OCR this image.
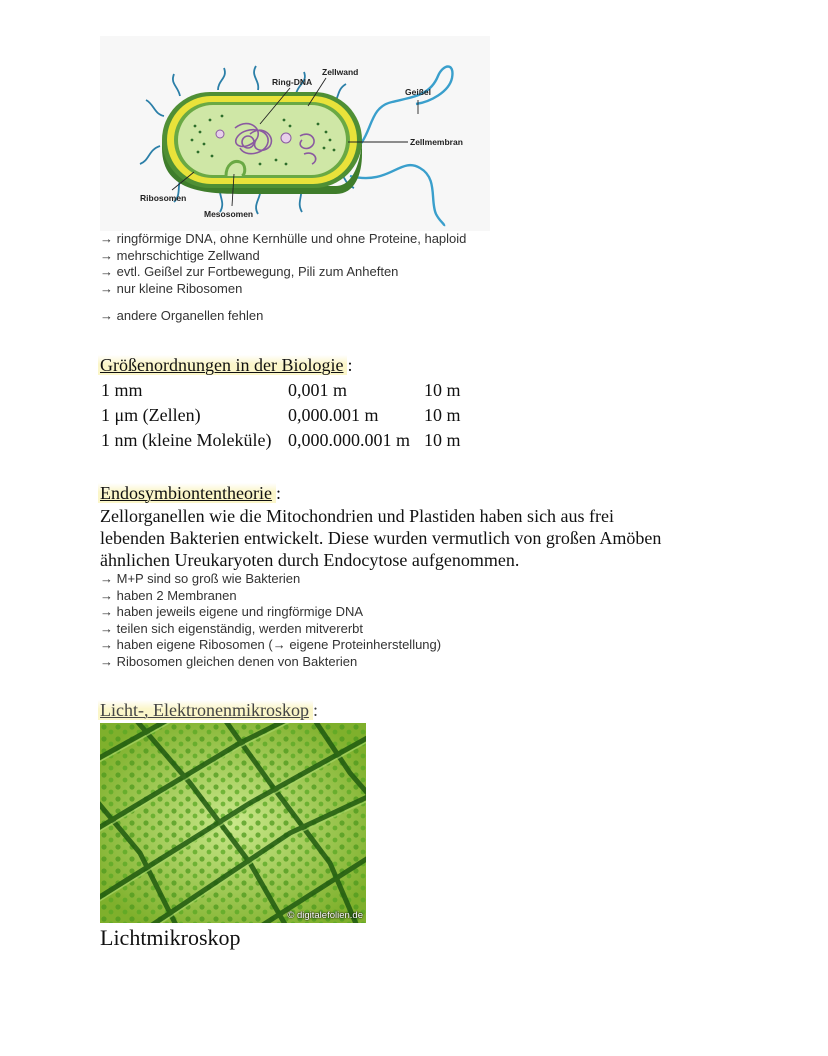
Ring-DNA
Zellwand
Geißel
Zellmembran
Ribosomen
Mesosomen
→ ringförmige DNA, ohne Kernhülle und ohne Proteine, haploid
→ mehrschichtige Zellwand
→ evtl. Geißel zur Fortbewegung, Pili zum Anheften
→ nur kleine Ribosomen
→ andere Organellen fehlen
Größenordnungen in der Biologie :
1 mm	0,001 m	10 m
1 μm (Zellen)	0,000.001 m	10 m
1 nm (kleine Moleküle)	0,000.000.001 m	10 m
Endosymbiontentheorie :
Zellorganellen wie die Mitochondrien und Plastiden haben sich aus frei
lebenden Bakterien entwickelt. Diese wurden vermutlich von großen Amöben
ähnlichen Ureukaryoten durch Endocytose aufgenommen.
→ M+P sind so groß wie Bakterien
→ haben 2 Membranen
→ haben jeweils eigene und ringförmige DNA
→ teilen sich eigenständig, werden mitvererbt
→ haben eigene Ribosomen (→ eigene Proteinherstellung)
→ Ribosomen gleichen denen von Bakterien
Licht-, Elektronenmikroskop :
© digitalefolien.de
Lichtmikroskop
